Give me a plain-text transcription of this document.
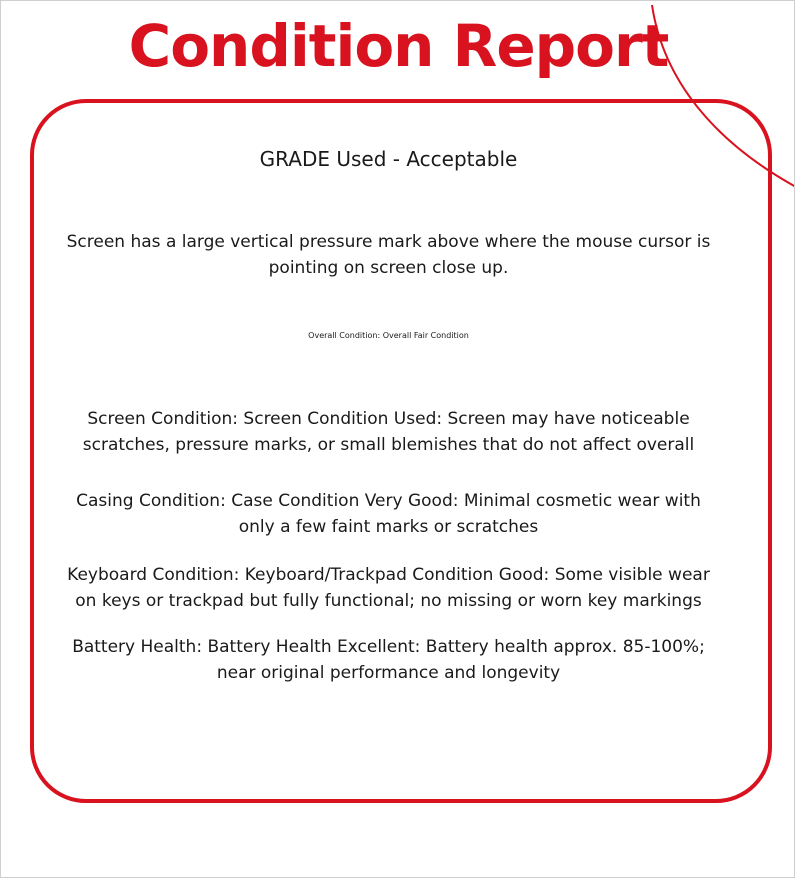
Condition Report
GRADE Used - Acceptable
Screen has a large vertical pressure mark above where the mouse cursor is pointing on screen close up.
Overall Condition: Overall Fair Condition
Screen Condition: Screen Condition Used: Screen may have noticeable scratches, pressure marks, or small blemishes that do not affect overall
Casing Condition: Case Condition Very Good: Minimal cosmetic wear with only a few faint marks or scratches
Keyboard Condition: Keyboard/Trackpad Condition Good: Some visible wear on keys or trackpad but fully functional; no missing or worn key markings
Battery Health: Battery Health Excellent: Battery health approx. 85-100%; near original performance and longevity
